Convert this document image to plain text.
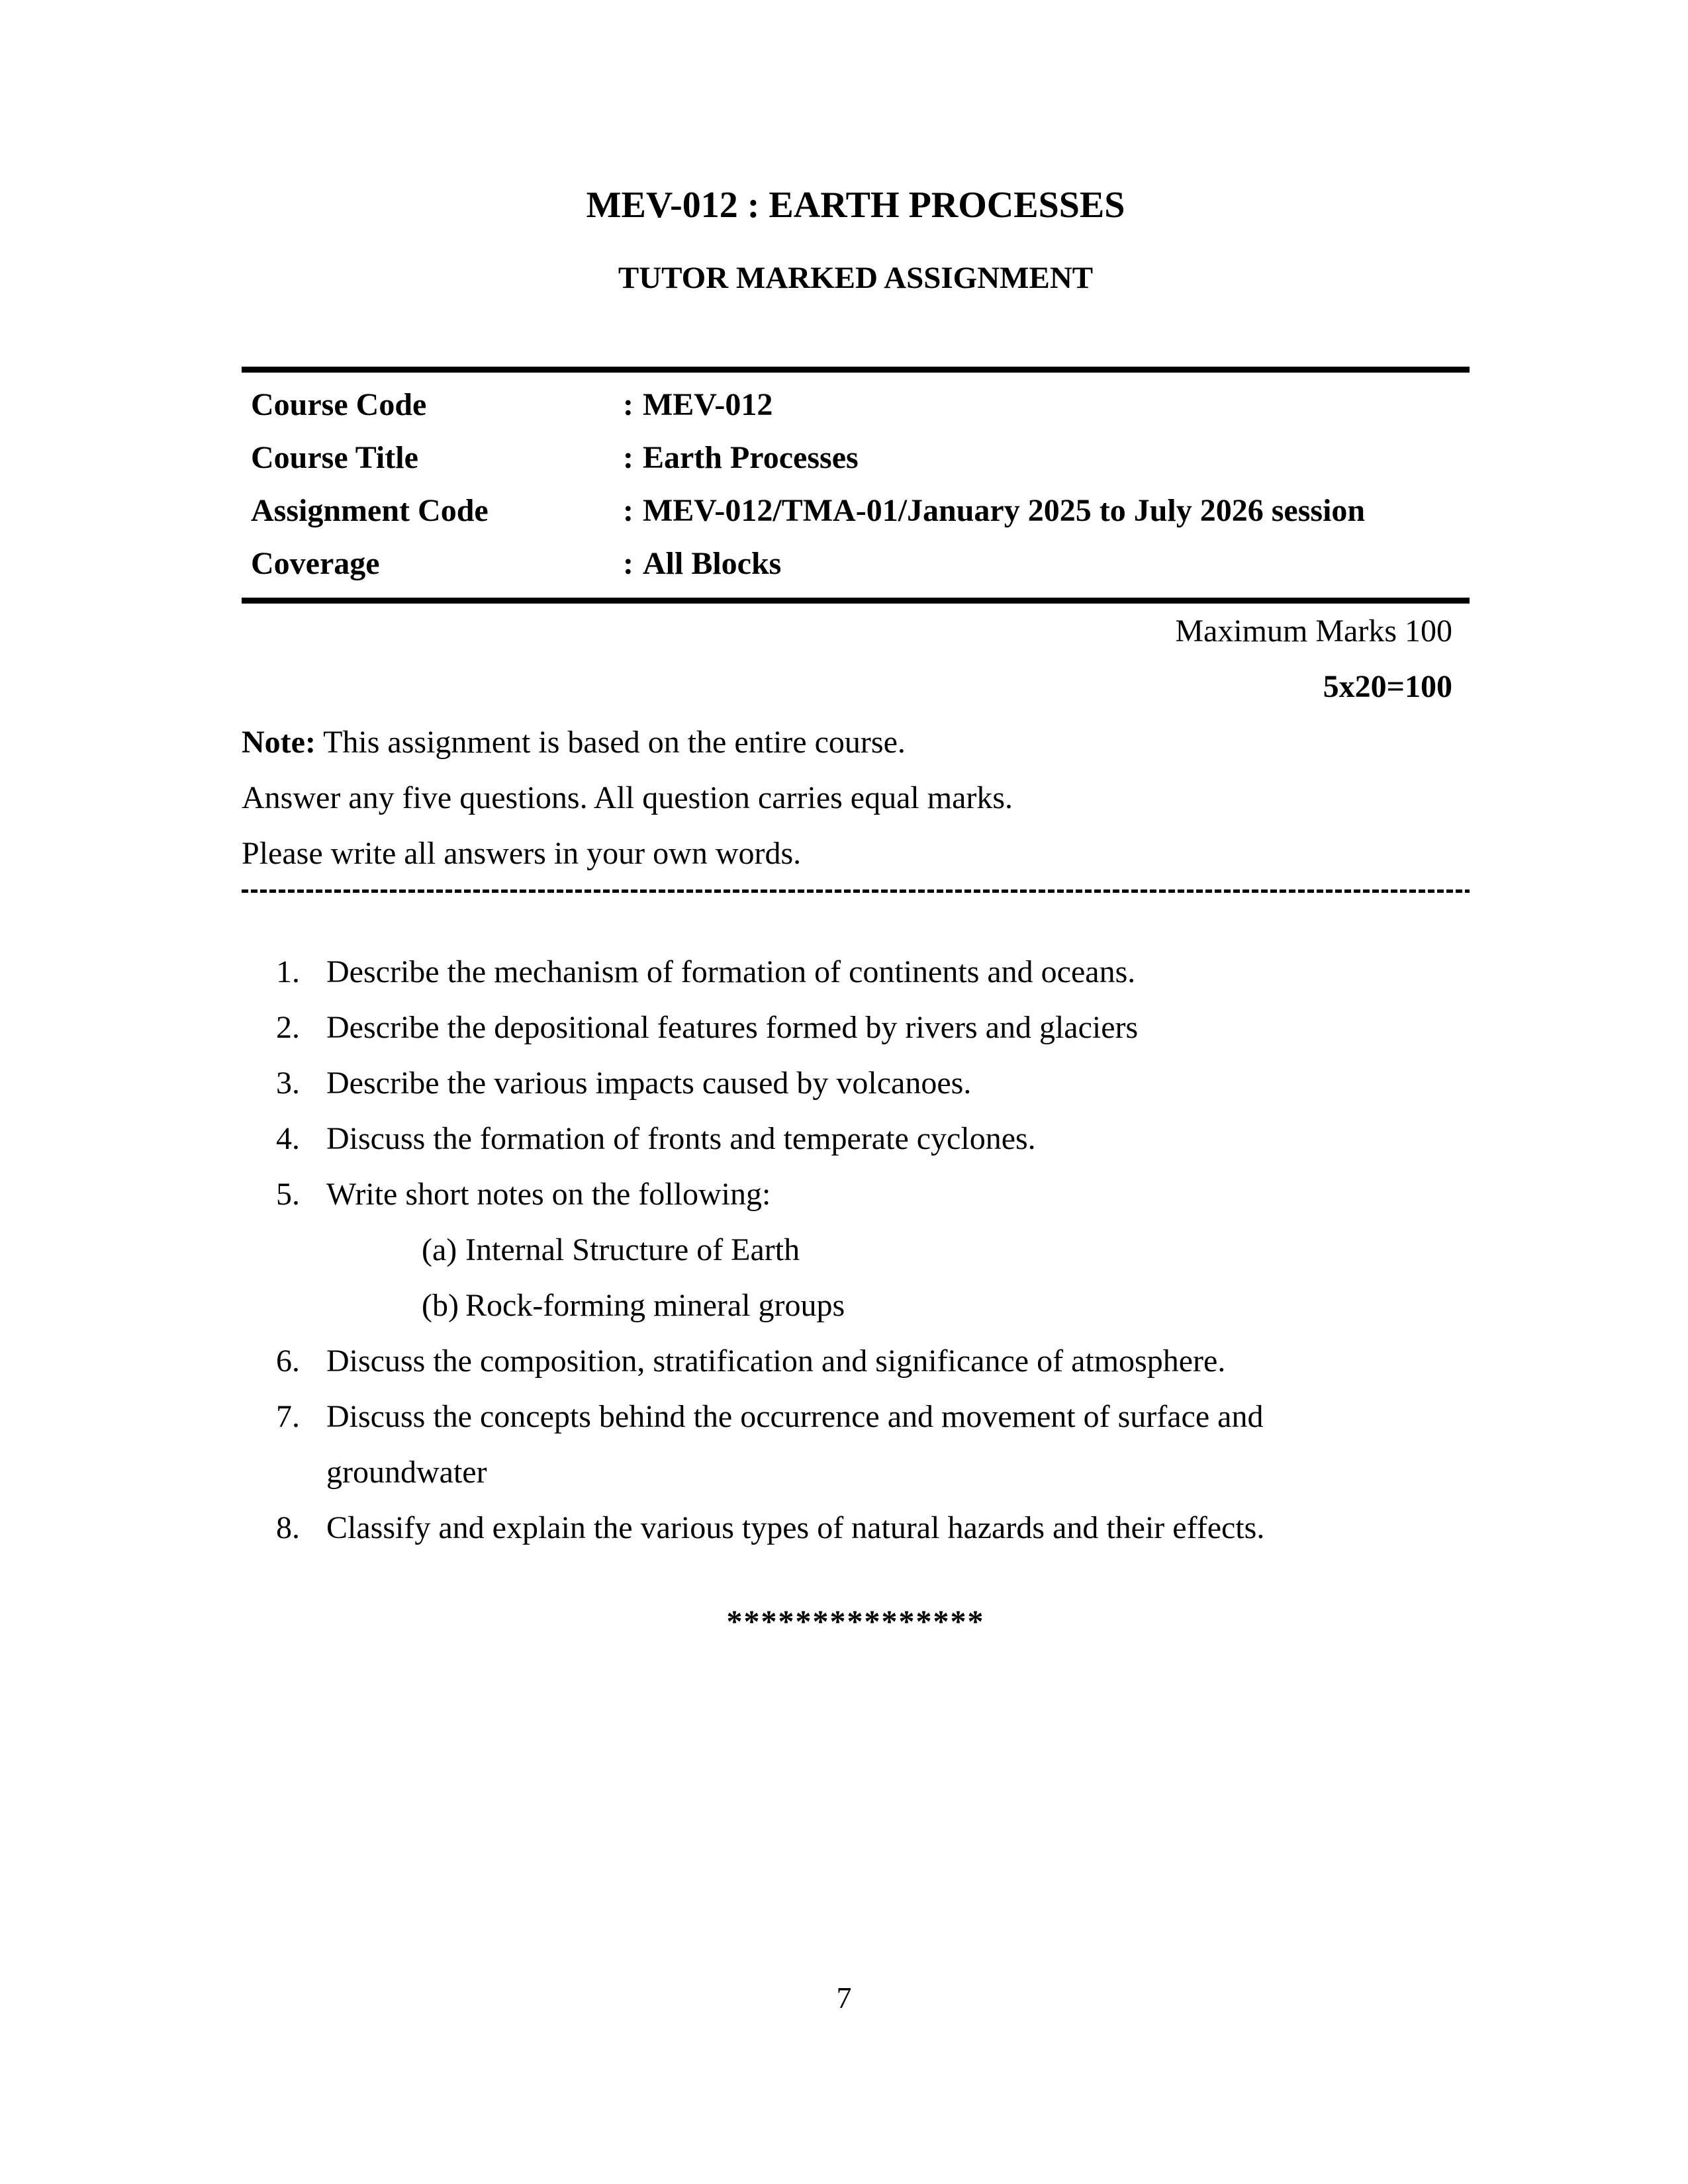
MEV-012 : EARTH PROCESSES
TUTOR MARKED ASSIGNMENT
Course Code	: MEV-012
Course Title	: Earth Processes
Assignment Code	: MEV-012/TMA-01/January 2025 to July 2026 session
Coverage	: All Blocks
Maximum Marks 100
5x20=100
Note: This assignment is based on the entire course.
Answer any five questions. All question carries equal marks.
Please write all answers in your own words.
1. Describe the mechanism of formation of continents and oceans.
2. Describe the depositional features formed by rivers and glaciers
3. Describe the various impacts caused by volcanoes.
4. Discuss the formation of fronts and temperate cyclones.
5. Write short notes on the following:
(a) Internal Structure of Earth
(b) Rock-forming mineral groups
6. Discuss the composition, stratification and significance of atmosphere.
7. Discuss the concepts behind the occurrence and movement of surface and groundwater
8. Classify and explain the various types of natural hazards and their effects.
***************
7
